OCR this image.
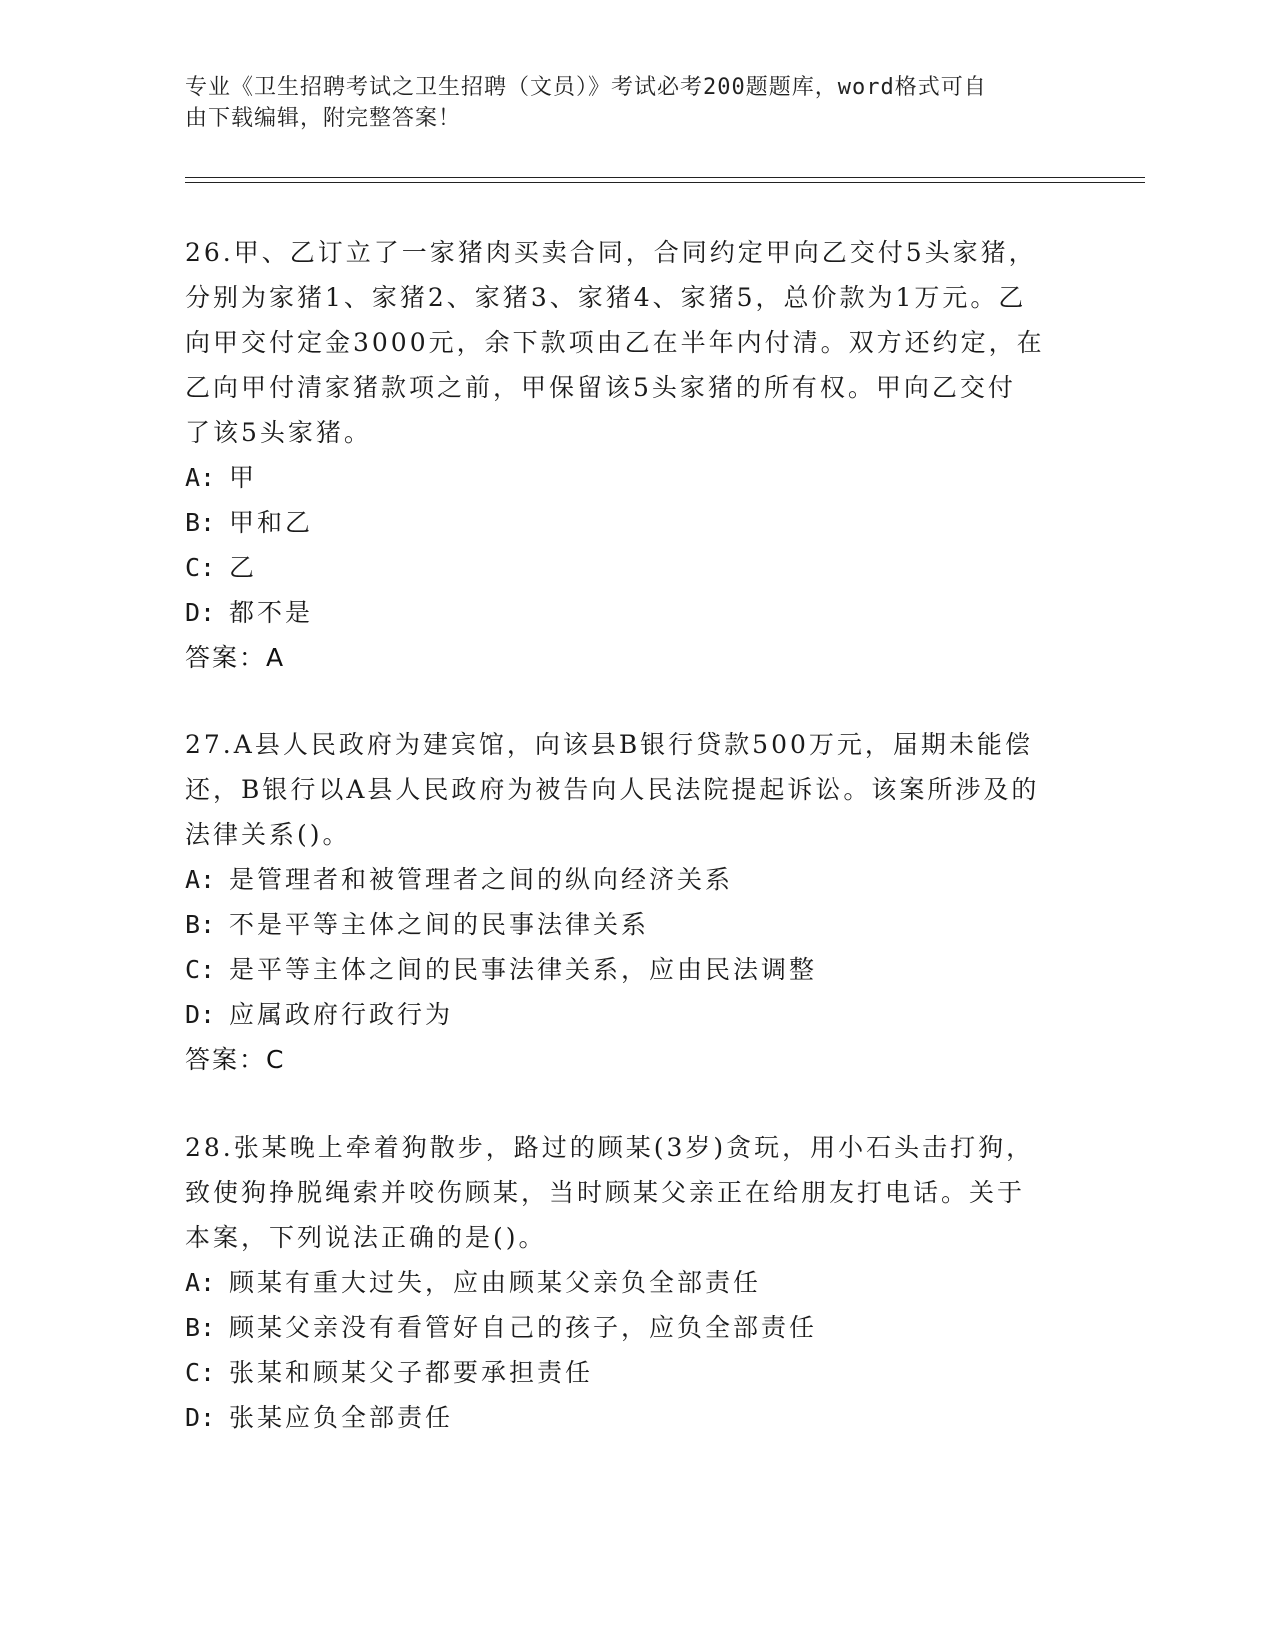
专业《卫生招聘考试之卫生招聘（文员）》考试必考200题题库，word格式可自
由下载编辑，附完整答案！

26.甲、乙订立了一家猪肉买卖合同，合同约定甲向乙交付5头家猪，
分别为家猪1、家猪2、家猪3、家猪4、家猪5，总价款为1万元。乙
向甲交付定金3000元，余下款项由乙在半年内付清。双方还约定，在
乙向甲付清家猪款项之前，甲保留该5头家猪的所有权。甲向乙交付
了该5头家猪。

A: 甲

B: 甲和乙

C: 乙

D: 都不是

答案：A

27.A县人民政府为建宾馆，向该县B银行贷款500万元，届期未能偿
还，B银行以A县人民政府为被告向人民法院提起诉讼。该案所涉及的
法律关系()。

A: 是管理者和被管理者之间的纵向经济关系

B: 不是平等主体之间的民事法律关系

C: 是平等主体之间的民事法律关系，应由民法调整

D: 应属政府行政行为

答案：C

28.张某晚上牵着狗散步，路过的顾某(3岁)贪玩，用小石头击打狗，
致使狗挣脱绳索并咬伤顾某，当时顾某父亲正在给朋友打电话。关于
本案，下列说法正确的是()。

A: 顾某有重大过失，应由顾某父亲负全部责任

B: 顾某父亲没有看管好自己的孩子，应负全部责任

C: 张某和顾某父子都要承担责任

D: 张某应负全部责任
